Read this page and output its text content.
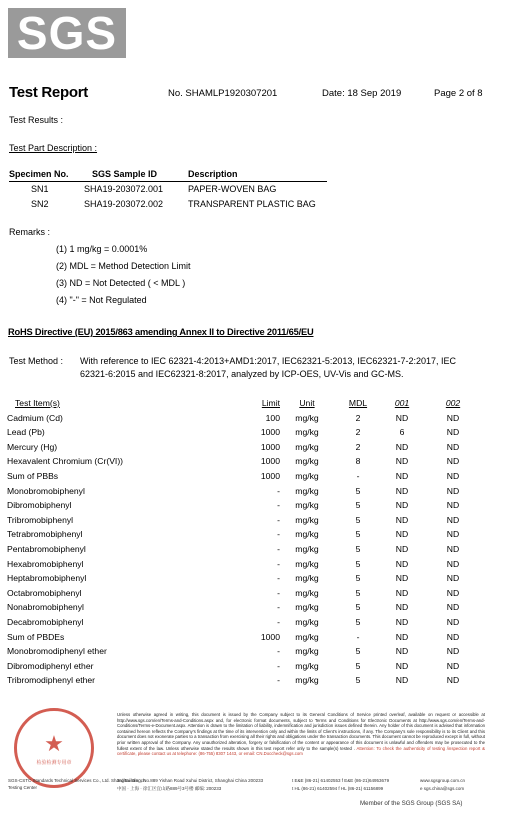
SGS
Test Report	No. SHAMLP1920307201	Date: 18 Sep 2019	Page 2 of 8
Test Results :
Test Part Description :
Specimen No.	SGS Sample ID	Description
SN1	SHA19-203072.001	PAPER-WOVEN BAG
SN2	SHA19-203072.002	TRANSPARENT PLASTIC BAG
Remarks :
(1) 1 mg/kg = 0.0001%
(2) MDL = Method Detection Limit
(3) ND = Not Detected ( < MDL )
(4) "-" = Not Regulated
RoHS Directive (EU) 2015/863 amending Annex II to Directive 2011/65/EU
Test Method : With reference to IEC 62321-4:2013+AMD1:2017, IEC62321-5:2013, IEC62321-7-2:2017, IEC
62321-6:2015 and IEC62321-8:2017, analyzed by ICP-OES, UV-Vis and GC-MS.
Test Item(s)	Limit	Unit	MDL	001	002
Cadmium (Cd)	100	mg/kg	2	ND	ND
Lead (Pb)	1000	mg/kg	2	6	ND
Mercury (Hg)	1000	mg/kg	2	ND	ND
Hexavalent Chromium (Cr(VI))	1000	mg/kg	8	ND	ND
Sum of PBBs	1000	mg/kg	-	ND	ND
Monobromobiphenyl	-	mg/kg	5	ND	ND
Dibromobiphenyl	-	mg/kg	5	ND	ND
Tribromobiphenyl	-	mg/kg	5	ND	ND
Tetrabromobiphenyl	-	mg/kg	5	ND	ND
Pentabromobiphenyl	-	mg/kg	5	ND	ND
Hexabromobiphenyl	-	mg/kg	5	ND	ND
Heptabromobiphenyl	-	mg/kg	5	ND	ND
Octabromobiphenyl	-	mg/kg	5	ND	ND
Nonabromobiphenyl	-	mg/kg	5	ND	ND
Decabromobiphenyl	-	mg/kg	5	ND	ND
Sum of PBDEs	1000	mg/kg	-	ND	ND
Monobromodiphenyl ether	-	mg/kg	5	ND	ND
Dibromodiphenyl ether	-	mg/kg	5	ND	ND
Tribromodiphenyl ether	-	mg/kg	5	ND	ND
★
检验检测专用章
Unless otherwise agreed in writing, this document is issued by the Company subject to its General Conditions of Service printed overleaf, available on request or accessible at http://www.sgs.com/en/Terms-and-Conditions.aspx and, for electronic format documents, subject to Terms and Conditions for Electronic Documents at http://www.sgs.com/en/Terms-and-Conditions/Terms-e-Document.aspx. Attention is drawn to the limitation of liability, indemnification and jurisdiction issues defined therein. Any holder of this document is advised that information contained hereon reflects the Company's findings at the time of its intervention only and within the limits of Client's instructions, if any. The Company's sole responsibility is to its Client and this document does not exonerate parties to a transaction from exercising all their rights and obligations under the transaction documents. This document cannot be reproduced except in full, without prior written approval of the Company. Any unauthorized alteration, forgery or falsification of the content or appearance of this document is unlawful and offenders may be prosecuted to the fullest extent of the law. Unless otherwise stated the results shown in this test report refer only to the sample(s) tested . Attention: To check the authenticity of testing /inspection report & certificate, please contact us at telephone: (86-755) 8307 1443, or email: CN.Doccheck@sgs.com
SGS-CSTC Standards Technical Services Co., Ltd. Shanghai Branch
Testing Center
3rd Building, No.889 Yishan Road Xuhui District, Shanghai China 200233
中国 · 上海 · 徐汇区宜山路889号3号楼 邮编: 200233
t E&E (86-21) 61402553 f E&E (86-21)64953679
t HL (86-21) 61402594 f HL (86-21) 61156899
www.sgsgroup.com.cn
e sgs.china@sgs.com
Member of the SGS Group (SGS SA)
